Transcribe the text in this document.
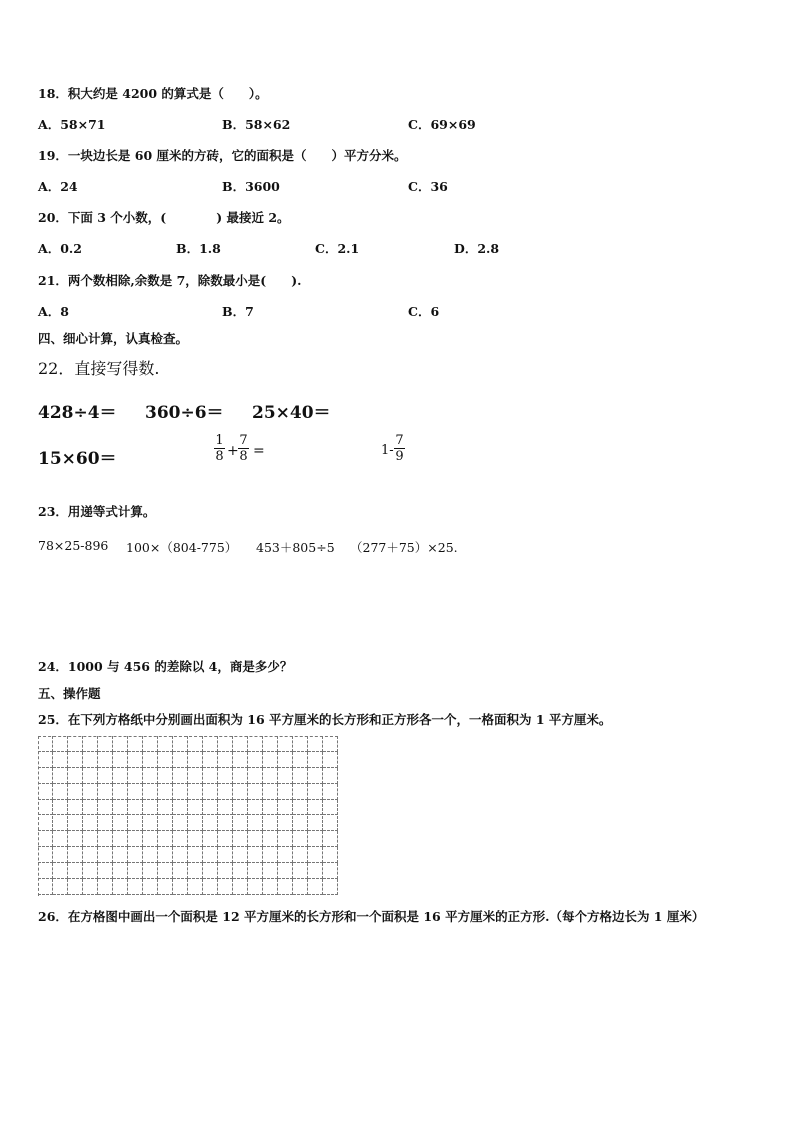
18．积大约是 4200 的算式是（　　）。
A．58×71	B．58×62	C．69×69
19．一块边长是 60 厘米的方砖，它的面积是（　　）平方分米。
A．24	B．3600	C．36
20．下面 3 个小数，(　　　　) 最接近 2。
A．0.2	B．1.8	C．2.1	D．2.8
21．两个数相除,余数是 7，除数最小是(　　).
A．8	B．7	C．6
四、细心计算，认真检查。
22．直接写得数.
428÷4＝ 360÷6＝ 25×40＝
15×60＝
1
8 +
7
8 =	1-
7
9
23．用递等式计算。
78×25-896 100×（804-775） 453＋805÷5 （277＋75）×25.
24．1000 与 456 的差除以 4，商是多少？
五、操作题
25．在下列方格纸中分别画出面积为 16 平方厘米的长方形和正方形各一个，一格面积为 1 平方厘米。
26．在方格图中画出一个面积是 12 平方厘米的长方形和一个面积是 16 平方厘米的正方形.（每个方格边长为 1 厘米）
